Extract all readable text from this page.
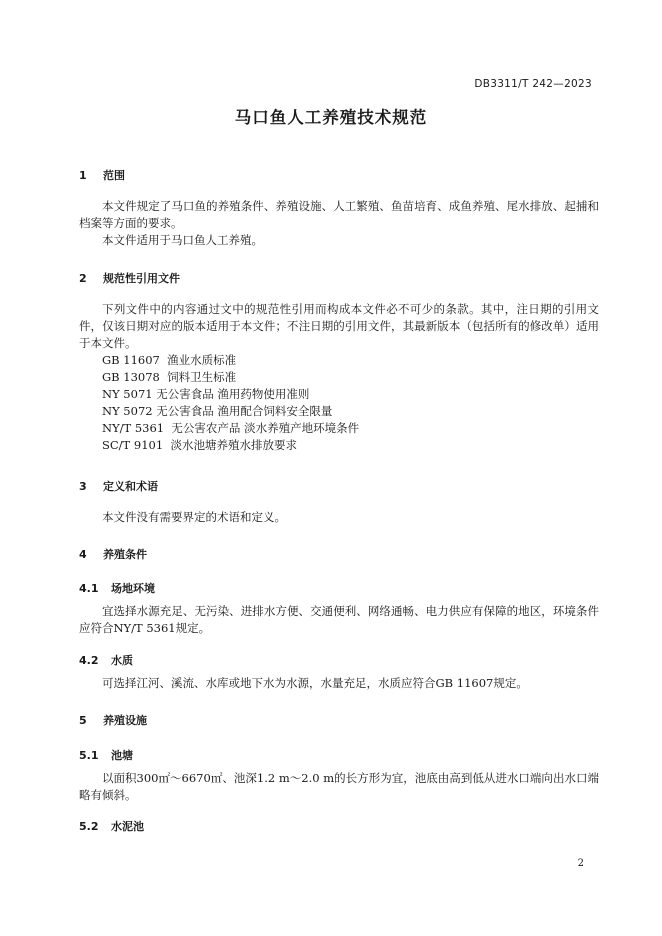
DB3311/T 242—2023
马口鱼人工养殖技术规范
1 范围
本文件规定了马口鱼的养殖条件、养殖设施、人工繁殖、鱼苗培育、成鱼养殖、尾水排放、起捕和档案等方面的要求。
本文件适用于马口鱼人工养殖。
2 规范性引用文件
下列文件中的内容通过文中的规范性引用而构成本文件必不可少的条款。其中，注日期的引用文件，仅该日期对应的版本适用于本文件；不注日期的引用文件，其最新版本（包括所有的修改单）适用于本文件。
GB 11607  渔业水质标准
GB 13078  饲料卫生标准
NY 5071 无公害食品 渔用药物使用准则
NY 5072 无公害食品 渔用配合饲料安全限量
NY/T 5361  无公害农产品 淡水养殖产地环境条件
SC/T 9101  淡水池塘养殖水排放要求
3 定义和术语
本文件没有需要界定的术语和定义。
4 养殖条件
4.1 场地环境
宜选择水源充足、无污染、进排水方便、交通便利、网络通畅、电力供应有保障的地区，环境条件应符合NY/T 5361规定。
4.2 水质
可选择江河、溪流、水库或地下水为水源，水量充足，水质应符合GB 11607规定。
5 养殖设施
5.1 池塘
以面积300㎡～6670㎡、池深1.2 m～2.0 m的长方形为宜，池底由高到低从进水口端向出水口端略有倾斜。
5.2 水泥池
2
